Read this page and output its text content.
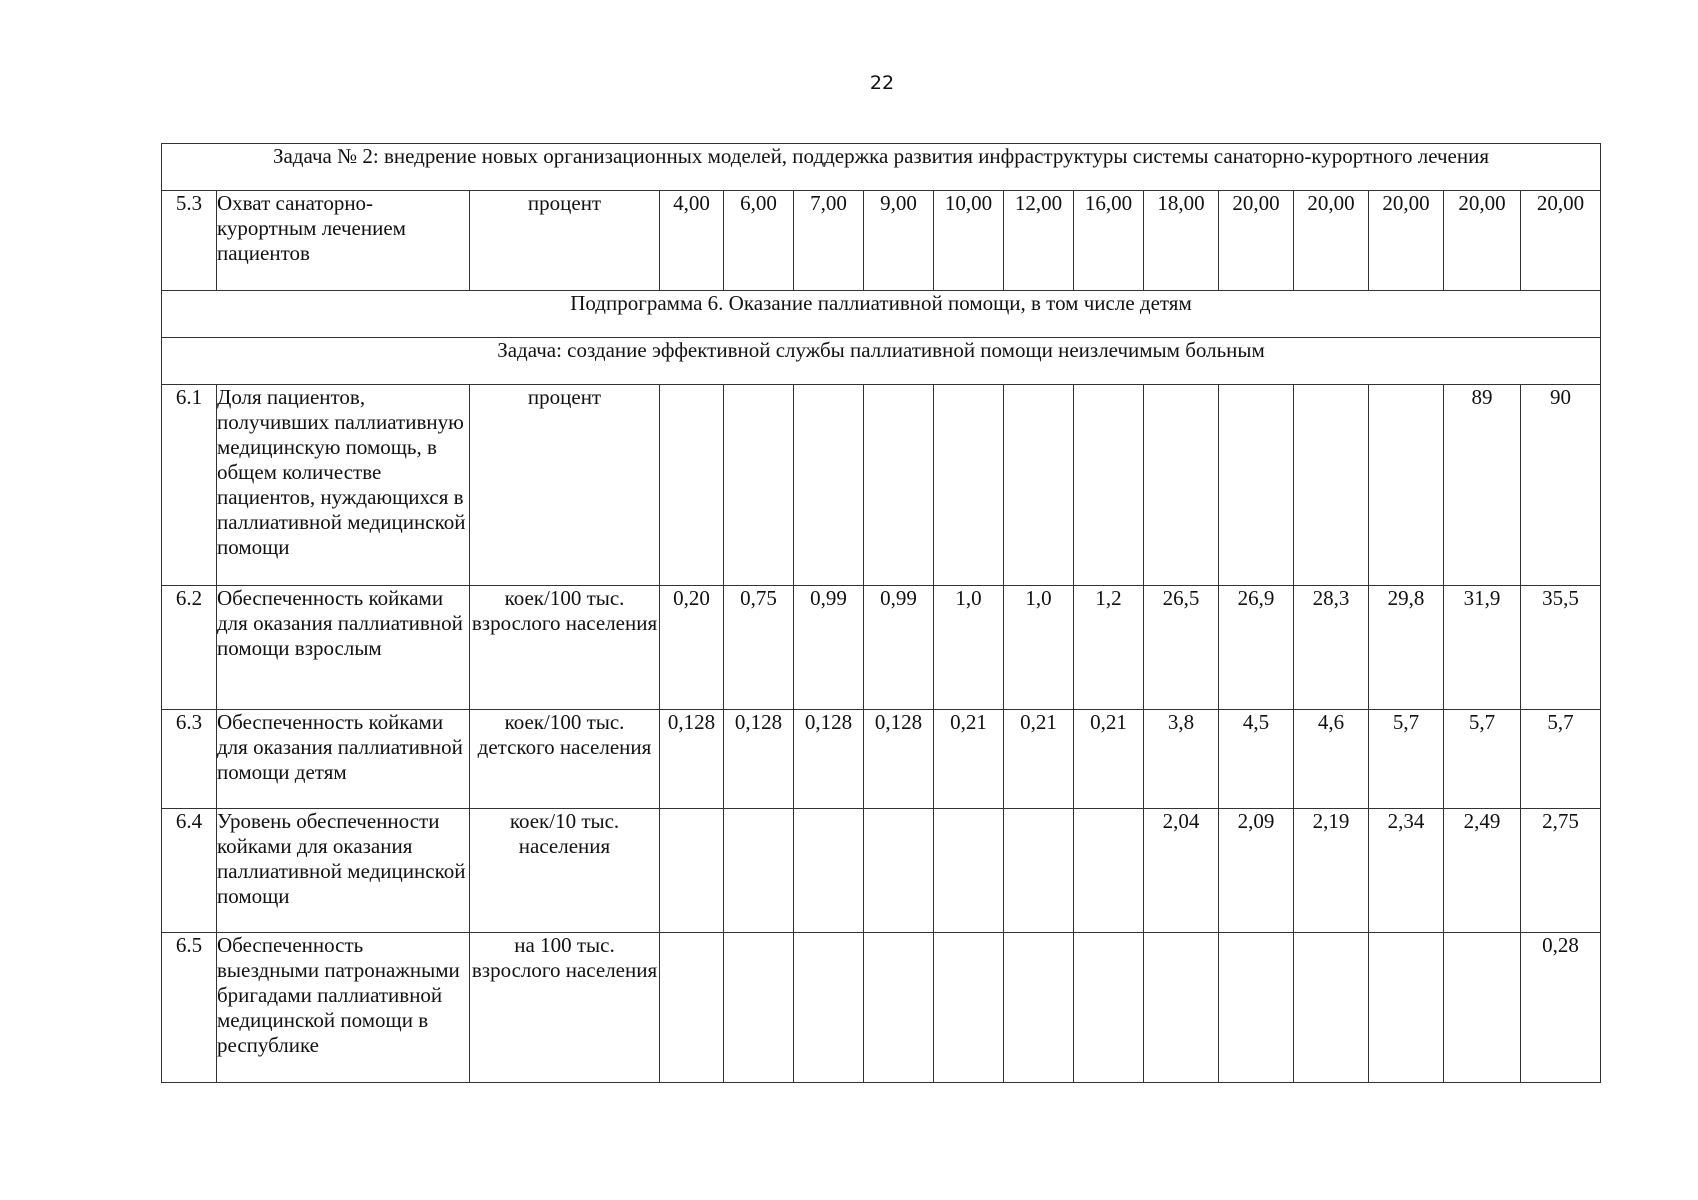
22
Задача № 2: внедрение новых организационных моделей, поддержка развития инфраструктуры системы санаторно-курортного лечения															
5.3	Охват санаторно-курортным лечением пациентов	процент	4,00	6,00	7,00	9,00	10,00	12,00	16,00	18,00	20,00	20,00	20,00	20,00	20,00
Подпрограмма 6. Оказание паллиативной помощи, в том числе детям															
Задача: создание эффективной службы паллиативной помощи неизлечимым больным															
6.1	Доля пациентов, получивших паллиативную медицинскую помощь, в общем количестве пациентов, нуждающихся в паллиативной медицинской помощи	процент												89	90
6.2	Обеспеченность койками для оказания паллиативной помощи взрослым	коек/100 тыс. взрослого населения	0,20	0,75	0,99	0,99	1,0	1,0	1,2	26,5	26,9	28,3	29,8	31,9	35,5
6.3	Обеспеченность койками для оказания паллиативной помощи детям	коек/100 тыс. детского населения	0,128	0,128	0,128	0,128	0,21	0,21	0,21	3,8	4,5	4,6	5,7	5,7	5,7
6.4	Уровень обеспеченности койками для оказания паллиативной медицинской помощи	коек/10 тыс. населения								2,04	2,09	2,19	2,34	2,49	2,75
6.5	Обеспеченность выездными патронажными бригадами паллиативной медицинской помощи в республике	на 100 тыс. взрослого населения													0,28
